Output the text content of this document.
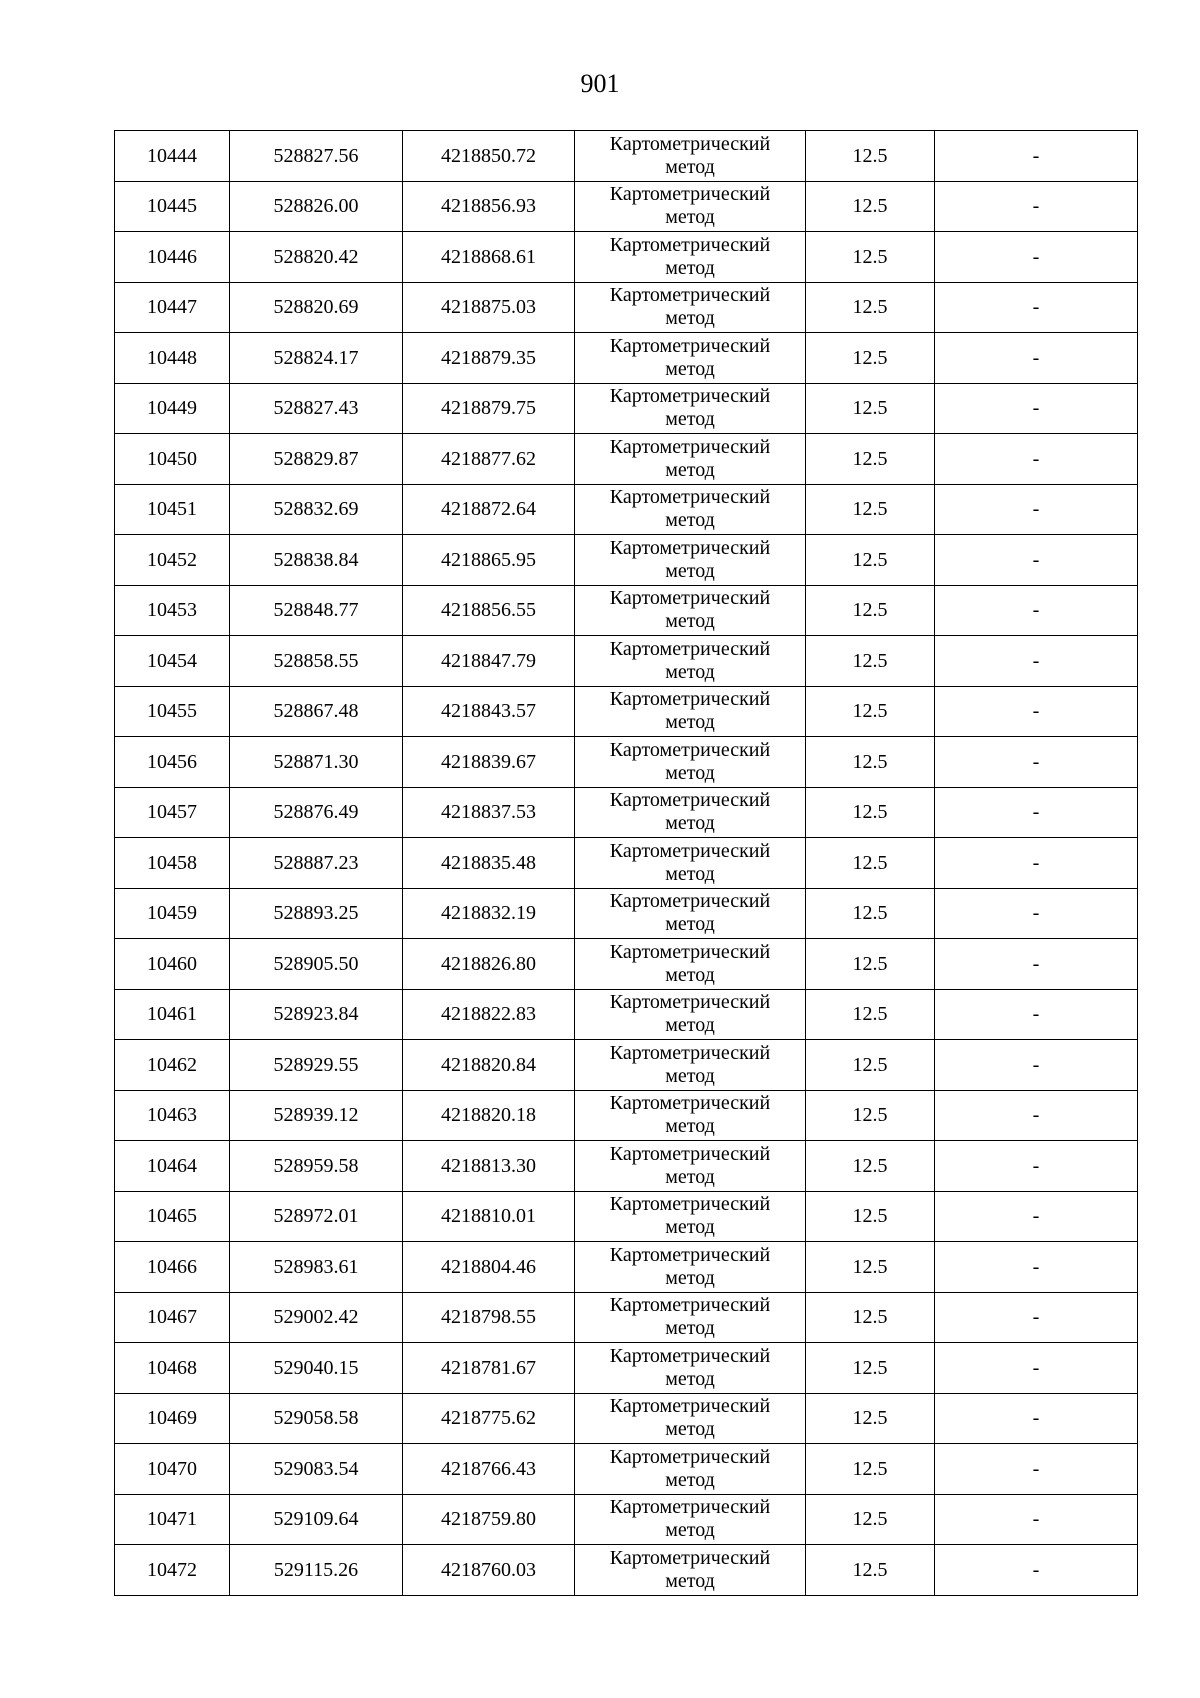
901
10444	528827.56	4218850.72	Картометрический
метод	12.5	-
10445	528826.00	4218856.93	Картометрический
метод	12.5	-
10446	528820.42	4218868.61	Картометрический
метод	12.5	-
10447	528820.69	4218875.03	Картометрический
метод	12.5	-
10448	528824.17	4218879.35	Картометрический
метод	12.5	-
10449	528827.43	4218879.75	Картометрический
метод	12.5	-
10450	528829.87	4218877.62	Картометрический
метод	12.5	-
10451	528832.69	4218872.64	Картометрический
метод	12.5	-
10452	528838.84	4218865.95	Картометрический
метод	12.5	-
10453	528848.77	4218856.55	Картометрический
метод	12.5	-
10454	528858.55	4218847.79	Картометрический
метод	12.5	-
10455	528867.48	4218843.57	Картометрический
метод	12.5	-
10456	528871.30	4218839.67	Картометрический
метод	12.5	-
10457	528876.49	4218837.53	Картометрический
метод	12.5	-
10458	528887.23	4218835.48	Картометрический
метод	12.5	-
10459	528893.25	4218832.19	Картометрический
метод	12.5	-
10460	528905.50	4218826.80	Картометрический
метод	12.5	-
10461	528923.84	4218822.83	Картометрический
метод	12.5	-
10462	528929.55	4218820.84	Картометрический
метод	12.5	-
10463	528939.12	4218820.18	Картометрический
метод	12.5	-
10464	528959.58	4218813.30	Картометрический
метод	12.5	-
10465	528972.01	4218810.01	Картометрический
метод	12.5	-
10466	528983.61	4218804.46	Картометрический
метод	12.5	-
10467	529002.42	4218798.55	Картометрический
метод	12.5	-
10468	529040.15	4218781.67	Картометрический
метод	12.5	-
10469	529058.58	4218775.62	Картометрический
метод	12.5	-
10470	529083.54	4218766.43	Картометрический
метод	12.5	-
10471	529109.64	4218759.80	Картометрический
метод	12.5	-
10472	529115.26	4218760.03	Картометрический
метод	12.5	-
